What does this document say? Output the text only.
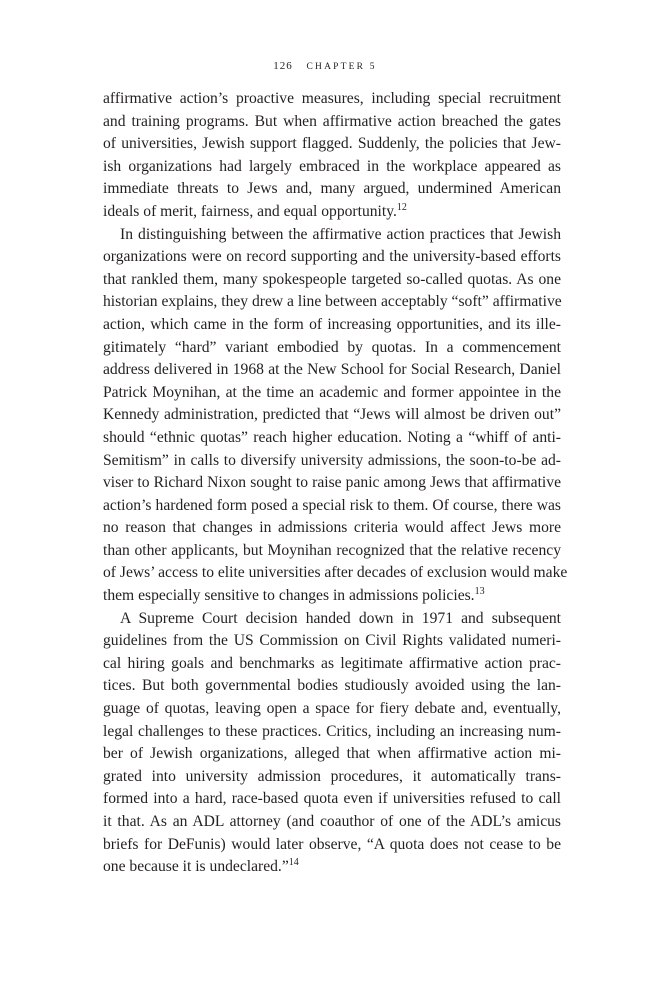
126 CHAPTER 5
affirmative action’s proactive measures, including special recruitment
and training programs. But when affirmative action breached the gates
of universities, Jewish support flagged. Suddenly, the policies that Jew-
ish organizations had largely embraced in the workplace appeared as
immediate threats to Jews and, many argued, undermined American
ideals of merit, fairness, and equal opportunity.$^{12}$
In distinguishing between the affirmative action practices that Jewish
organizations were on record supporting and the university-based efforts
that rankled them, many spokespeople targeted so-called quotas. As one
historian explains, they drew a line between acceptably “soft” affirmative
action, which came in the form of increasing opportunities, and its ille-
gitimately “hard” variant embodied by quotas. In a commencement
address delivered in 1968 at the New School for Social Research, Daniel
Patrick Moynihan, at the time an academic and former appointee in the
Kennedy administration, predicted that “Jews will almost be driven out”
should “ethnic quotas” reach higher education. Noting a “whiff of anti-
Semitism” in calls to diversify university admissions, the soon-to-be ad-
viser to Richard Nixon sought to raise panic among Jews that affirmative
action’s hardened form posed a special risk to them. Of course, there was
no reason that changes in admissions criteria would affect Jews more
than other applicants, but Moynihan recognized that the relative recency
of Jews’ access to elite universities after decades of exclusion would make
them especially sensitive to changes in admissions policies.$^{13}$
A Supreme Court decision handed down in 1971 and subsequent
guidelines from the US Commission on Civil Rights validated numeri-
cal hiring goals and benchmarks as legitimate affirmative action prac-
tices. But both governmental bodies studiously avoided using the lan-
guage of quotas, leaving open a space for fiery debate and, eventually,
legal challenges to these practices. Critics, including an increasing num-
ber of Jewish organizations, alleged that when affirmative action mi-
grated into university admission procedures, it automatically trans-
formed into a hard, race-based quota even if universities refused to call
it that. As an ADL attorney (and coauthor of one of the ADL’s amicus
briefs for DeFunis) would later observe, “A quota does not cease to be
one because it is undeclared.”$^{14}$
